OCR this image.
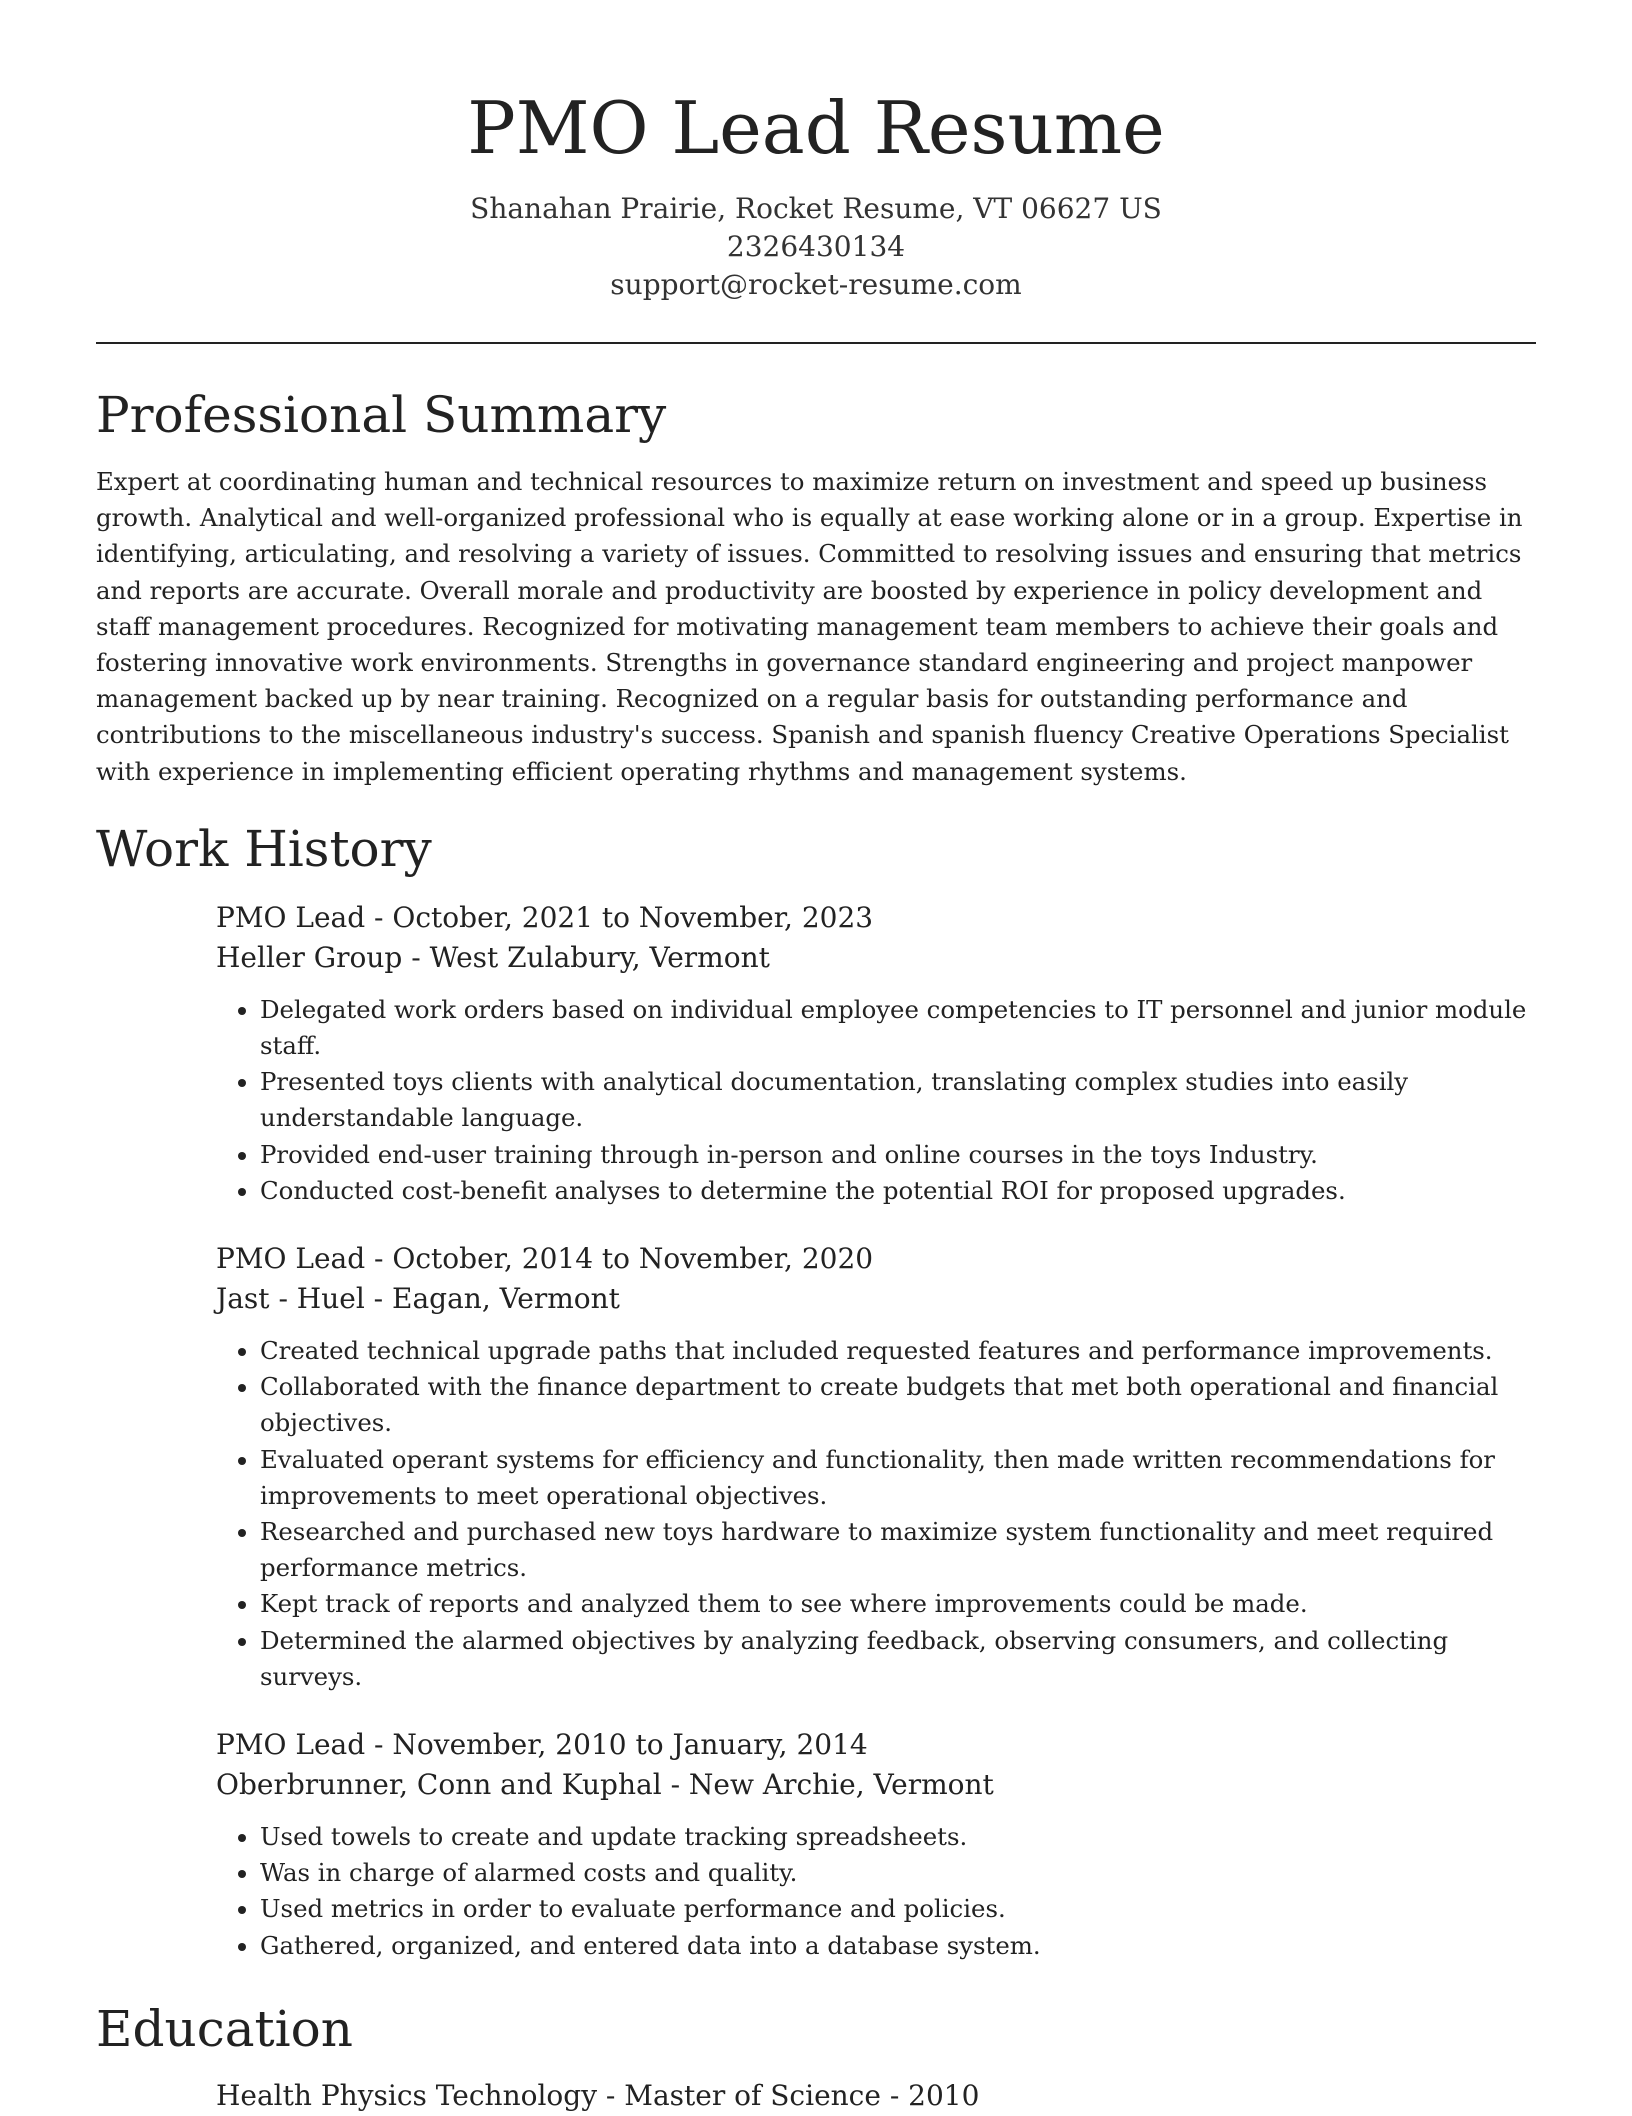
PMO Lead Resume
Shanahan Prairie, Rocket Resume, VT 06627 US
2326430134
support@rocket-resume.com
Professional Summary

Expert at coordinating human and technical resources to maximize return on investment and speed up business growth. Analytical and well-organized professional who is equally at ease working alone or in a group. Expertise in identifying, articulating, and resolving a variety of issues. Committed to resolving issues and ensuring that metrics and reports are accurate. Overall morale and productivity are boosted by experience in policy development and staff management procedures. Recognized for motivating management team members to achieve their goals and fostering innovative work environments. Strengths in governance standard engineering and project manpower management backed up by near training. Recognized on a regular basis for outstanding performance and contributions to the miscellaneous industry's success. Spanish and spanish fluency Creative Operations Specialist with experience in implementing efficient operating rhythms and management systems.

Work History
PMO Lead - October, 2021 to November, 2023
Heller Group - West Zulabury, Vermont
• Delegated work orders based on individual employee competencies to IT personnel and junior module staff.
• Presented toys clients with analytical documentation, translating complex studies into easily understandable language.
• Provided end-user training through in-person and online courses in the toys Industry.
• Conducted cost-benefit analyses to determine the potential ROI for proposed upgrades.
PMO Lead - October, 2014 to November, 2020
Jast - Huel - Eagan, Vermont
• Created technical upgrade paths that included requested features and performance improvements.
• Collaborated with the finance department to create budgets that met both operational and financial objectives.
• Evaluated operant systems for efficiency and functionality, then made written recommendations for improvements to meet operational objectives.
• Researched and purchased new toys hardware to maximize system functionality and meet required performance metrics.
• Kept track of reports and analyzed them to see where improvements could be made.
• Determined the alarmed objectives by analyzing feedback, observing consumers, and collecting surveys.
PMO Lead - November, 2010 to January, 2014
Oberbrunner, Conn and Kuphal - New Archie, Vermont
• Used towels to create and update tracking spreadsheets.
• Was in charge of alarmed costs and quality.
• Used metrics in order to evaluate performance and policies.
• Gathered, organized, and entered data into a database system.
Education
Health Physics Technology - Master of Science - 2010
